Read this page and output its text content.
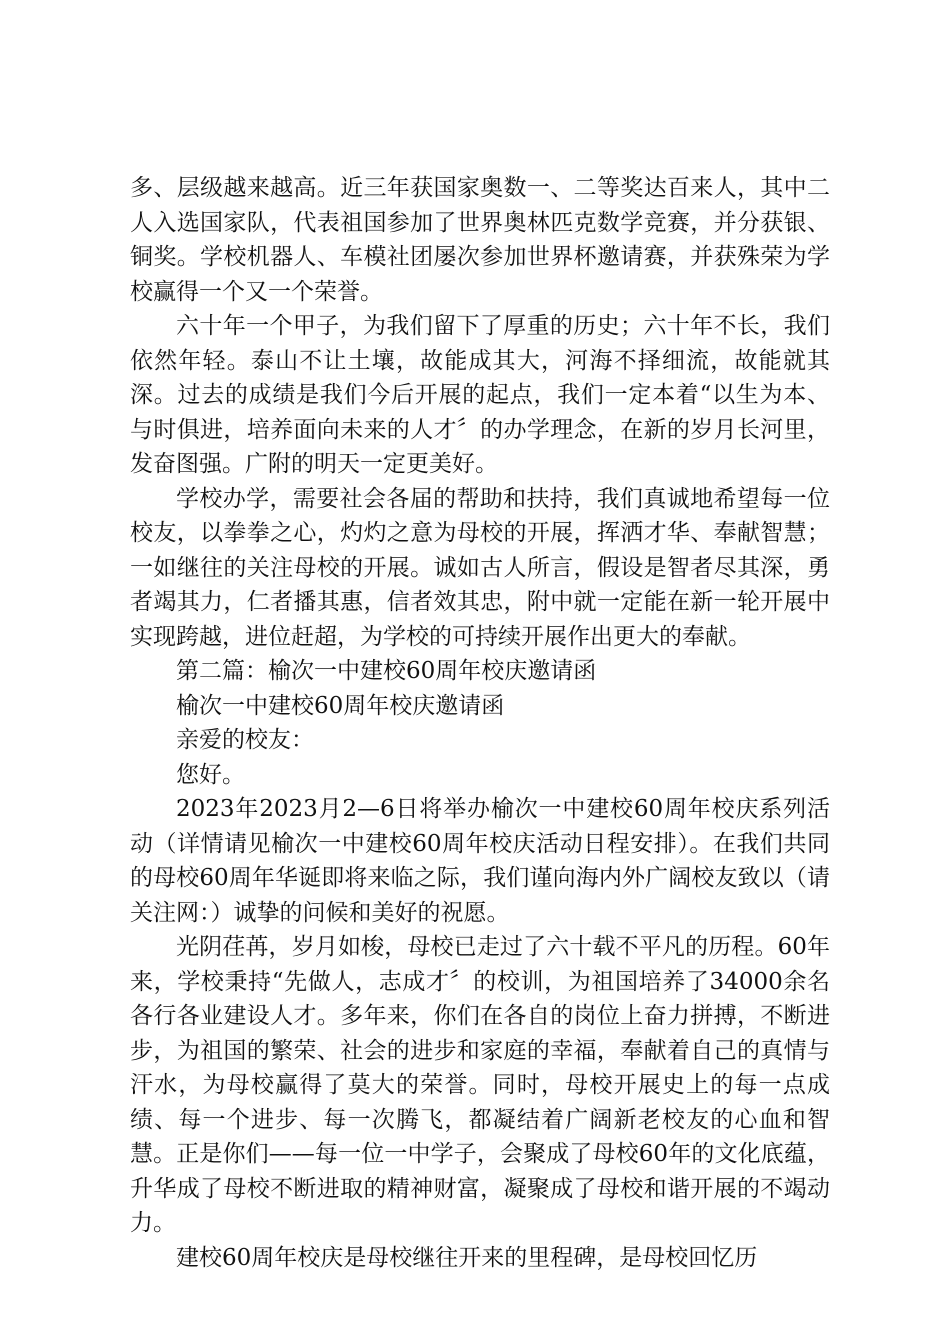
多、层级越来越高。近三年获国家奥数一、二等奖达百来人，其中二人入选国家队，代表祖国参加了世界奥林匹克数学竞赛，并分获银、铜奖。学校机器人、车模社团屡次参加世界杯邀请赛，并获殊荣为学校赢得一个又一个荣誉。

六十年一个甲子，为我们留下了厚重的历史；六十年不长，我们依然年轻。泰山不让土壤，故能成其大，河海不择细流，故能就其深。过去的成绩是我们今后开展的起点，我们一定本着“以生为本、与时俱进，培养面向未来的人才〞的办学理念，在新的岁月长河里，发奋图强。广附的明天一定更美好。

学校办学，需要社会各届的帮助和扶持，我们真诚地希望每一位校友，以拳拳之心，灼灼之意为母校的开展，挥洒才华、奉献智慧；一如继往的关注母校的开展。诚如古人所言，假设是智者尽其深，勇者竭其力，仁者播其惠，信者效其忠，附中就一定能在新一轮开展中实现跨越，进位赶超，为学校的可持续开展作出更大的奉献。

第二篇：榆次一中建校60周年校庆邀请函

榆次一中建校60周年校庆邀请函

亲爱的校友：

您好。

2023年2023月2—6日将举办榆次一中建校60周年校庆系列活动（详情请见榆次一中建校60周年校庆活动日程安排）。在我们共同的母校60周年华诞即将来临之际，我们谨向海内外广阔校友致以（请关注网：）诚挚的问候和美好的祝愿。

光阴荏苒，岁月如梭，母校已走过了六十载不平凡的历程。60年来，学校秉持“先做人，志成才〞的校训，为祖国培养了34000余名各行各业建设人才。多年来，你们在各自的岗位上奋力拼搏，不断进步，为祖国的繁荣、社会的进步和家庭的幸福，奉献着自己的真情与汗水，为母校赢得了莫大的荣誉。同时，母校开展史上的每一点成绩、每一个进步、每一次腾飞，都凝结着广阔新老校友的心血和智慧。正是你们——每一位一中学子，会聚成了母校60年的文化底蕴，升华成了母校不断进取的精神财富，凝聚成了母校和谐开展的不竭动力。

建校60周年校庆是母校继往开来的里程碑，是母校回忆历
